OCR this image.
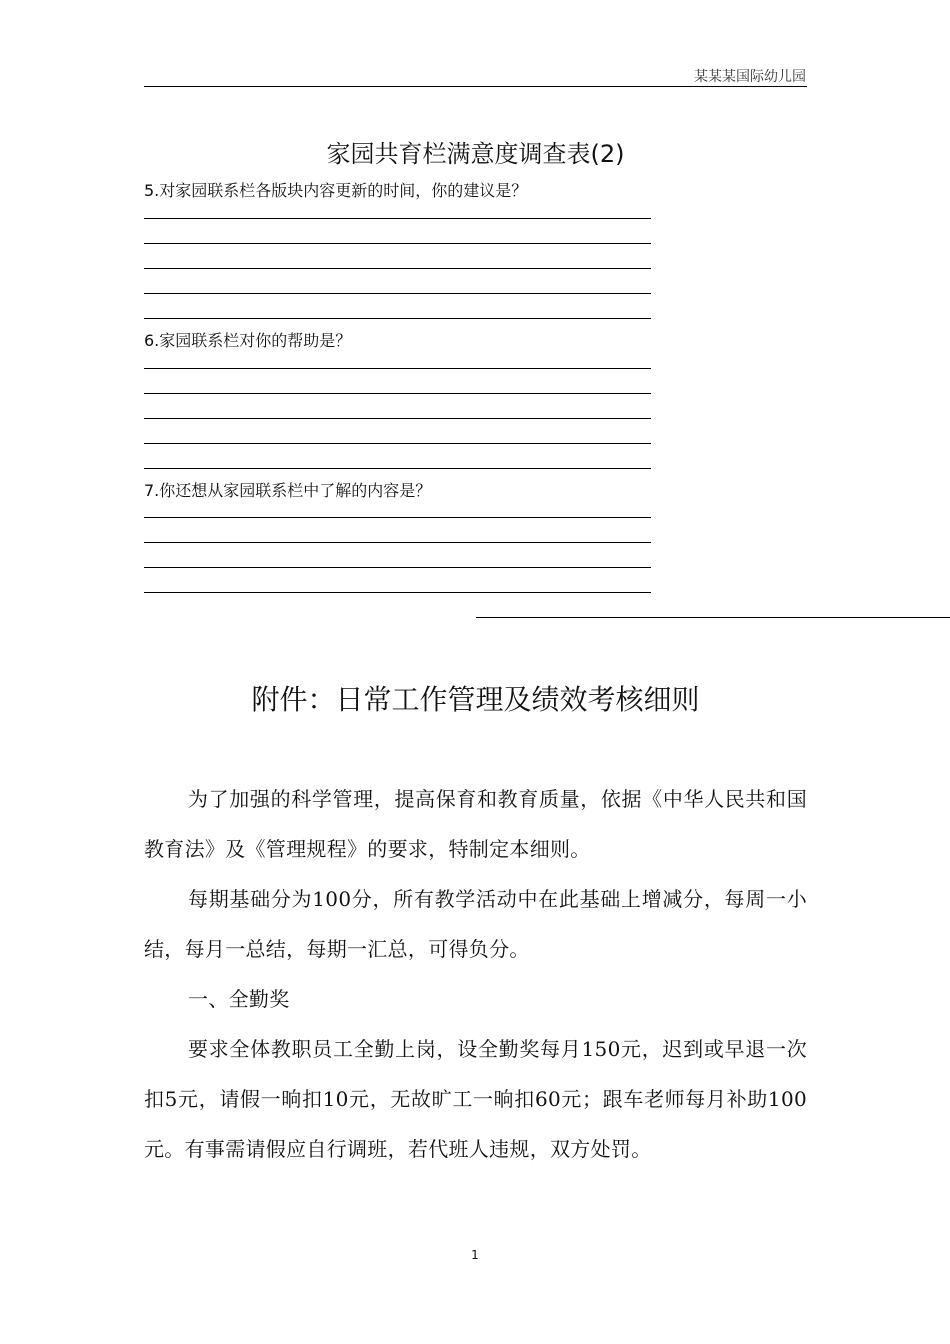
某某某国际幼儿园
家园共育栏满意度调查表(2)
5.对家园联系栏各版块内容更新的时间，你的建议是？
6.家园联系栏对你的帮助是？
7.你还想从家园联系栏中了解的内容是？
附件：日常工作管理及绩效考核细则
为了加强的科学管理，提高保育和教育质量，依据《中华人民共和国教育法》及《管理规程》的要求，特制定本细则。
每期基础分为100分，所有教学活动中在此基础上增减分，每周一小结，每月一总结，每期一汇总，可得负分。
一、全勤奖
要求全体教职员工全勤上岗，设全勤奖每月150元，迟到或早退一次扣5元，请假一晌扣10元，无故旷工一晌扣60元；跟车老师每月补助100元。有事需请假应自行调班，若代班人违规，双方处罚。
1
